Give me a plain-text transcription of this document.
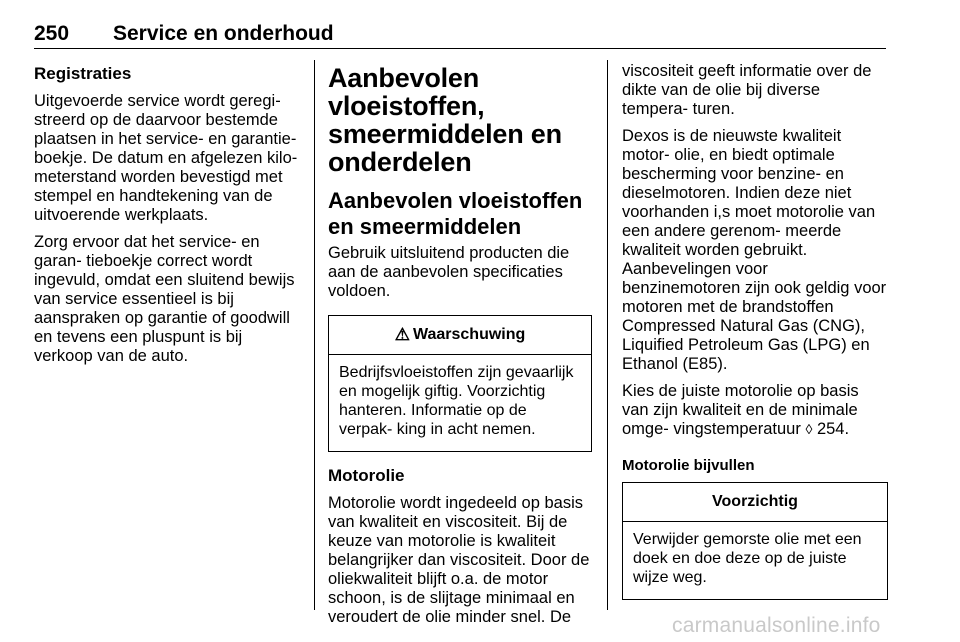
250 Service en onderhoud
Registraties

Uitgevoerde service wordt geregi- streerd op de daarvoor bestemde plaatsen in het service- en garantie- boekje. De datum en afgelezen kilo- meterstand worden bevestigd met stempel en handtekening van de uitvoerende werkplaats.

Zorg ervoor dat het service- en garan- tieboekje correct wordt ingevuld, omdat een sluitend bewijs van service essentieel is bij aanspraken op garantie of goodwill en tevens een pluspunt is bij verkoop van de auto.

Aanbevolen vloeistoffen, smeermiddelen en onderdelen
Aanbevolen vloeistoffen en smeermiddelen

Gebruik uitsluitend producten die aan de aanbevolen specificaties voldoen.

⚠ Waarschuwing

Bedrijfsvloeistoffen zijn gevaarlijk en mogelijk giftig. Voorzichtig hanteren. Informatie op de verpak- king in acht nemen.

Motorolie

Motorolie wordt ingedeeld op basis van kwaliteit en viscositeit. Bij de keuze van motorolie is kwaliteit belangrijker dan viscositeit. Door de oliekwaliteit blijft o.a. de motor schoon, is de slijtage minimaal en veroudert de olie minder snel. De

viscositeit geeft informatie over de dikte van de olie bij diverse tempera- turen.

Dexos is de nieuwste kwaliteit motor- olie, en biedt optimale bescherming voor benzine- en dieselmotoren. Indien deze niet voorhanden i,s moet motorolie van een andere gerenom- meerde kwaliteit worden gebruikt. Aanbevelingen voor benzinemotoren zijn ook geldig voor motoren met de brandstoffen Compressed Natural Gas (CNG), Liquified Petroleum Gas (LPG) en Ethanol (E85).

Kies de juiste motorolie op basis van zijn kwaliteit en de minimale omge- vingstemperatuur ◊ 254.

Motorolie bijvullen
Voorzichtig

Verwijder gemorste olie met een doek en doe deze op de juiste wijze weg.

carmanualsonline.info
